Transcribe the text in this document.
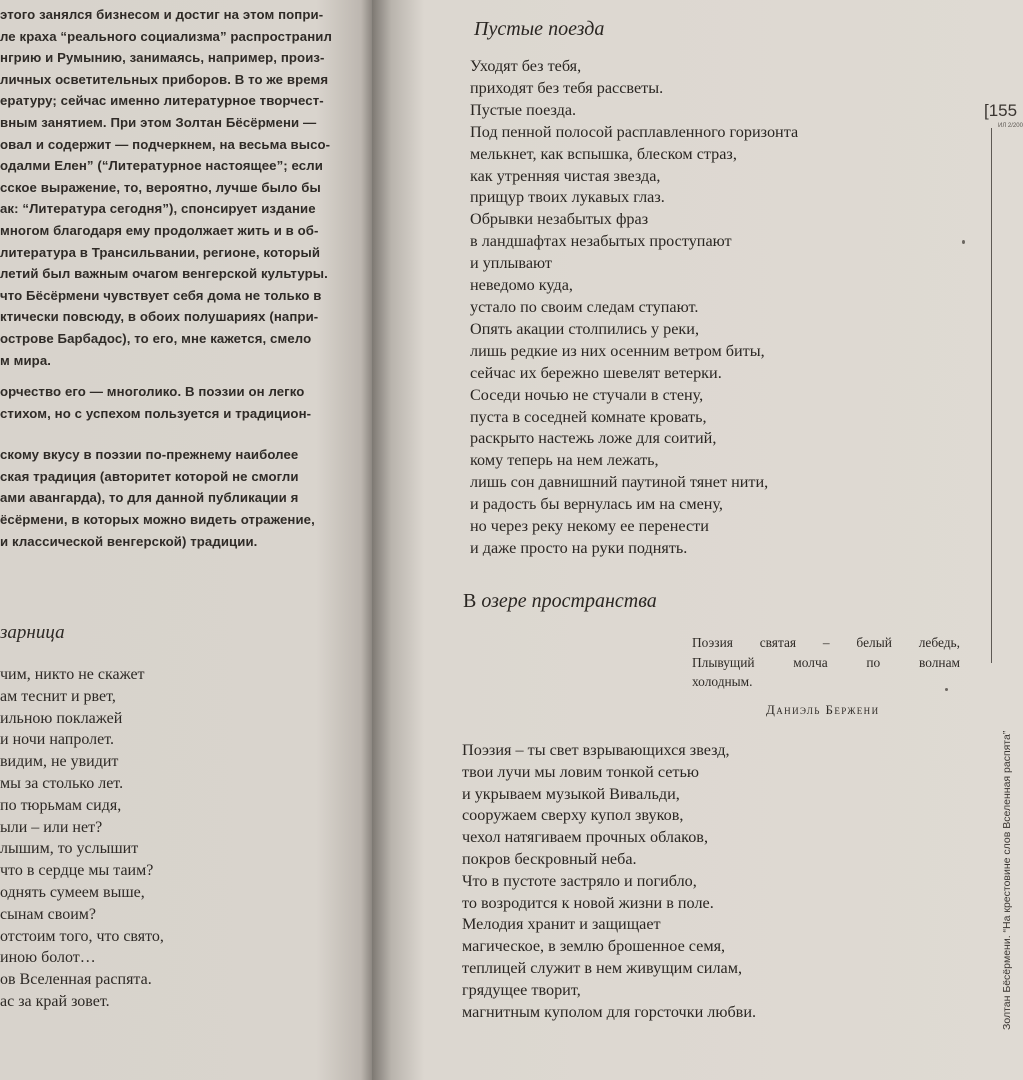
этого занялся бизнесом и достиг на этом попри-
ле краха “реального социализма” распространил
нгрию и Румынию, занимаясь, например, произ-
личных осветительных приборов. В то же время
ературу; сейчас именно литературное творчест-
вным занятием. При этом Золтан Бёсёрмени —
овал и содержит — подчеркнем, на весьма высо-
одалми Елен” (“Литературное настоящее”; если
сское выражение, то, вероятно, лучше было бы
ак: “Литература сегодня”), спонсирует издание
многом благодаря ему продолжает жить и в об-
литература в Трансильвании, регионе, который
летий был важным очагом венгерской культуры.
что Бёсёрмени чувствует себя дома не только в
ктически повсюду, в обоих полушариях (напри-
острове Барбадос), то его, мне кажется, смело
м мира.
орчество его — многолико. В поэзии он легко
стихом, но с успехом пользуется и традицион-
скому вкусу в поэзии по-прежнему наиболее
ская традиция (авторитет которой не смогли
ами авангарда), то для данной публикации я
ёсёрмени, в которых можно видеть отражение,
и классической венгерской) традиции.
зарница
чим, никто не скажет
ам теснит и рвет,
ильною поклажей
и ночи напролет.
видим, не увидит
мы за столько лет.
по тюрьмам сидя,
ыли – или нет?
лышим, то услышит
что в сердце мы таим?
однять сумеем выше,
сынам своим?
отстоим того, что свято,
иною болот…
ов Вселенная распята.
ас за край зовет.
Пустые поезда
Уходят без тебя,
приходят без тебя рассветы.
Пустые поезда.
Под пенной полосой расплавленного горизонта
мелькнет, как вспышка, блеском страз,
как утренняя чистая звезда,
прищур твоих лукавых глаз.
Обрывки незабытых фраз
в ландшафтах незабытых проступают
и уплывают
неведомо куда,
устало по своим следам ступают.
Опять акации столпились у реки,
лишь редкие из них осенним ветром биты,
сейчас их бережно шевелят ветерки.
Соседи ночью не стучали в стену,
пуста в соседней комнате кровать,
раскрыто настежь ложе для соитий,
кому теперь на нем лежать,
лишь сон давнишний паутиной тянет нити,
и радость бы вернулась им на смену,
но через реку некому ее перенести
и даже просто на руки поднять.
В озере пространства
Поэзия святая – белый лебедь,
Плывущий молча по волнам
холодным.
Даниэль Бержени
Поэзия – ты свет взрывающихся звезд,
твои лучи мы ловим тонкой сетью
и укрываем музыкой Вивальди,
сооружаем сверху купол звуков,
чехол натягиваем прочных облаков,
покров бескровный неба.
Что в пустоте застряло и погибло,
то возродится к новой жизни в поле.
Мелодия хранит и защищает
магическое, в землю брошенное семя,
теплицей служит в нем живущим силам,
грядущее творит,
магнитным куполом для горсточки любви.
[155
ИЛ 2/200
Золтан Бёсёрмени. “На крестовине слов Вселенная распята”
